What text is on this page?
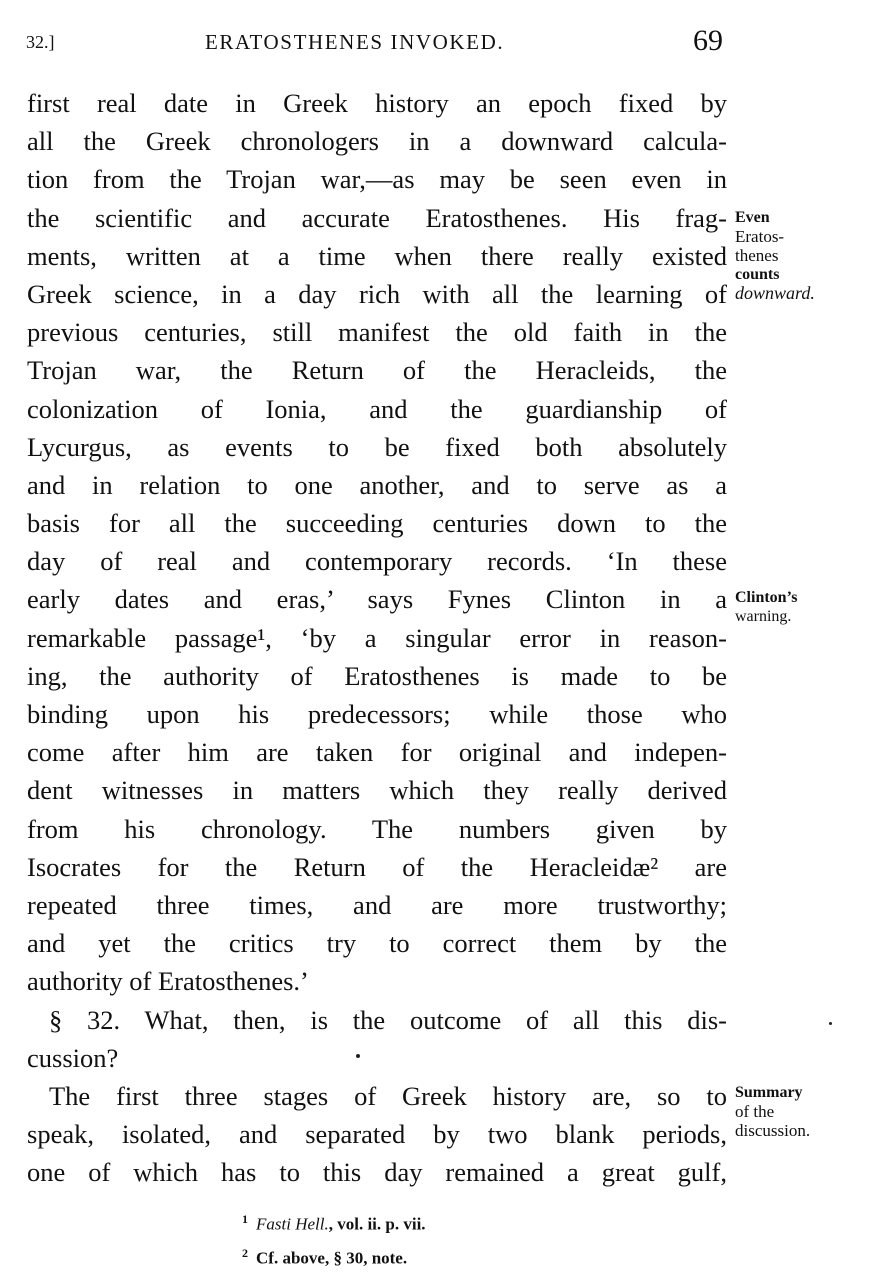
32.]	ERATOSTHENES INVOKED.	69
first real date in Greek history an epoch fixed by
all the Greek chronologers in a downward calcula-
tion from the Trojan war,—as may be seen even in
the scientific and accurate Eratosthenes. His frag-
ments, written at a time when there really existed
Greek science, in a day rich with all the learning of
previous centuries, still manifest the old faith in the
Trojan war, the Return of the Heracleids, the
colonization of Ionia, and the guardianship of
Lycurgus, as events to be fixed both absolutely
and in relation to one another, and to serve as a
basis for all the succeeding centuries down to the
day of real and contemporary records. ‘In these
early dates and eras,’ says Fynes Clinton in a
remarkable passage¹, ‘by a singular error in reason-
ing, the authority of Eratosthenes is made to be
binding upon his predecessors; while those who
come after him are taken for original and indepen-
dent witnesses in matters which they really derived
from his chronology. The numbers given by
Isocrates for the Return of the Heracleidæ² are
repeated three times, and are more trustworthy;
and yet the critics try to correct them by the
authority of Eratosthenes.’
§ 32. What, then, is the outcome of all this dis-
cussion?
The first three stages of Greek history are, so to
speak, isolated, and separated by two blank periods,
one of which has to this day remained a great gulf,
Even
Eratos-
thenes
counts
downward.
Clinton’s
warning.
Summary
of the
discussion.
$^1$ Fasti Hell., vol. ii. p. vii.
$^2$ Cf. above, § 30, note.
